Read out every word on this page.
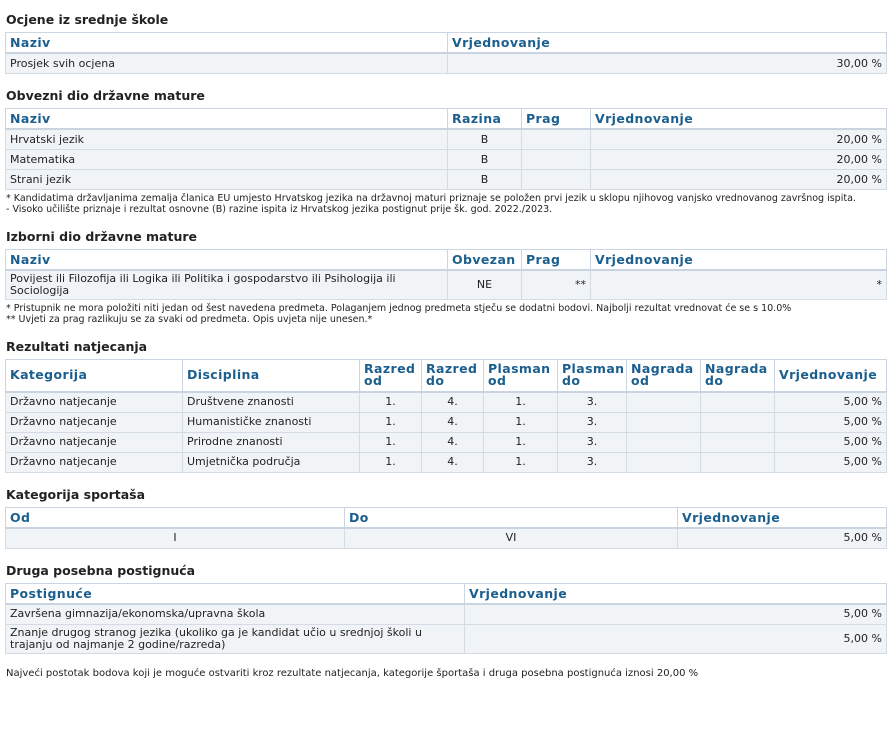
Ocjene iz srednje škole
Naziv	Vrjednovanje
Prosjek svih ocjena	30,00 %
Obvezni dio državne mature
Naziv	Razina	Prag	Vrjednovanje
Hrvatski jezik	B		20,00 %
Matematika	B		20,00 %
Strani jezik	B		20,00 %
* Kandidatima državljanima zemalja članica EU umjesto Hrvatskog jezika na državnoj maturi priznaje se položen prvi jezik u sklopu njihovog vanjsko vrednovanog završnog ispita.
- Visoko učilište priznaje i rezultat osnovne (B) razine ispita iz Hrvatskog jezika postignut prije šk. god. 2022./2023.
Izborni dio državne mature
Naziv	Obvezan	Prag	Vrjednovanje
Povijest ili Filozofija ili Logika ili Politika i gospodarstvo ili Psihologija ili Sociologija	NE	**	*
* Pristupnik ne mora položiti niti jedan od šest navedena predmeta. Polaganjem jednog predmeta stječu se dodatni bodovi. Najbolji rezultat vrednovat će se s 10.0%
** Uvjeti za prag razlikuju se za svaki od predmeta. Opis uvjeta nije unesen.*
Rezultati natjecanja
Kategorija	Disciplina	Razred od	Razred do	Plasman od	Plasman do	Nagrada od	Nagrada do	Vrjednovanje
Državno natjecanje	Društvene znanosti	1.	4.	1.	3.			5,00 %
Državno natjecanje	Humanističke znanosti	1.	4.	1.	3.			5,00 %
Državno natjecanje	Prirodne znanosti	1.	4.	1.	3.			5,00 %
Državno natjecanje	Umjetnička područja	1.	4.	1.	3.			5,00 %
Kategorija sportaša
Od	Do	Vrjednovanje
I	VI	5,00 %
Druga posebna postignuća
Postignuće	Vrjednovanje
Završena gimnazija/ekonomska/upravna škola	5,00 %
Znanje drugog stranog jezika (ukoliko ga je kandidat učio u srednjoj školi u trajanju od najmanje 2 godine/razreda)	5,00 %
Najveći postotak bodova koji je moguće ostvariti kroz rezultate natjecanja, kategorije športaša i druga posebna postignuća iznosi 20,00 %
